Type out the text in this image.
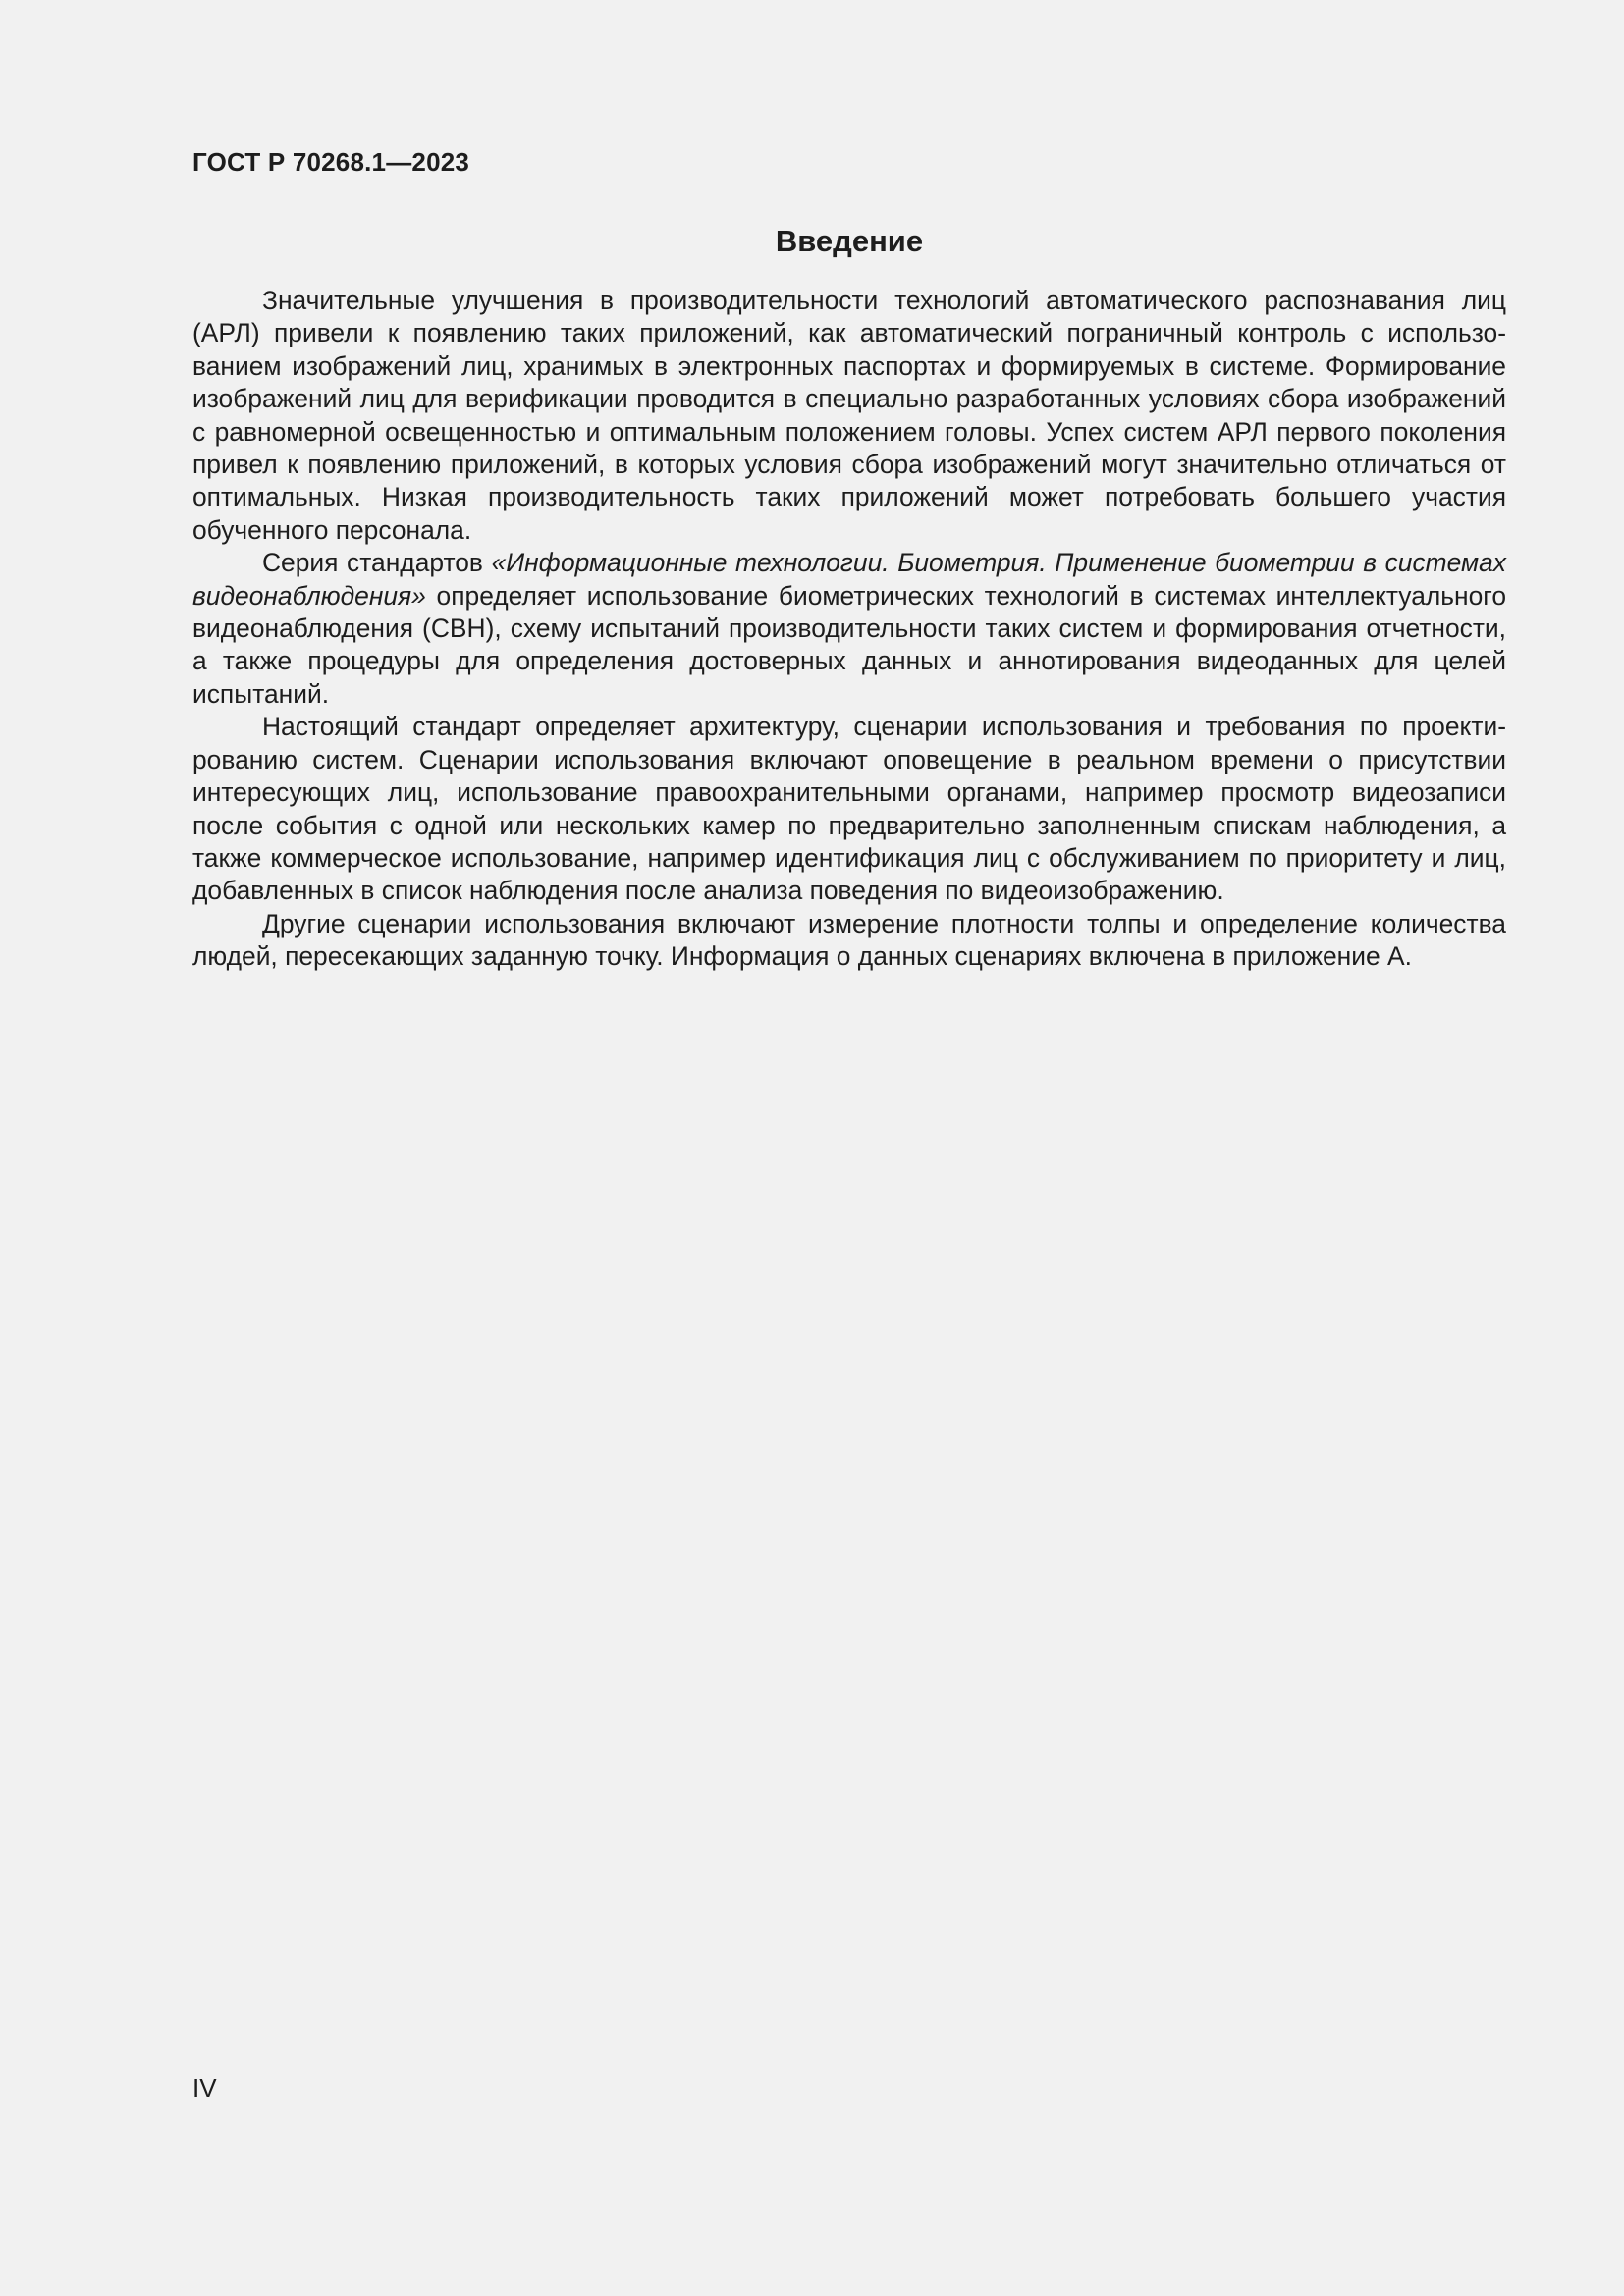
ГОСТ Р 70268.1—2023
Введение

Значительные улучшения в производительности технологий автоматического распознавания лиц (АРЛ) привели к появлению таких приложений, как автоматический пограничный контроль с использованием изображений лиц, хранимых в электронных паспортах и формируемых в системе. Формирование изображений лиц для верификации проводится в специально разработанных условиях сбора изображений с равномерной освещенностью и оптимальным положением головы. Успех систем АРЛ первого поколения привел к появлению приложений, в которых условия сбора изображений могут значительно отличаться от оптимальных. Низкая производительность таких приложений может потребовать большего участия обученного персонала.

Серия стандартов «Информационные технологии. Биометрия. Применение биометрии в системах видеонаблюдения» определяет использование биометрических технологий в системах интеллектуального видеонаблюдения (СВН), схему испытаний производительности таких систем и формирования отчетности, а также процедуры для определения достоверных данных и аннотирования видеоданных для целей испытаний.

Настоящий стандарт определяет архитектуру, сценарии использования и требования по проектированию систем. Сценарии использования включают оповещение в реальном времени о присутствии интересующих лиц, использование правоохранительными органами, например просмотр видеозаписи после события с одной или нескольких камер по предварительно заполненным спискам наблюдения, а также коммерческое использование, например идентификация лиц с обслуживанием по приоритету и лиц, добавленных в список наблюдения после анализа поведения по видеоизображению.

Другие сценарии использования включают измерение плотности толпы и определение количества людей, пересекающих заданную точку. Информация о данных сценариях включена в приложение А.

IV
